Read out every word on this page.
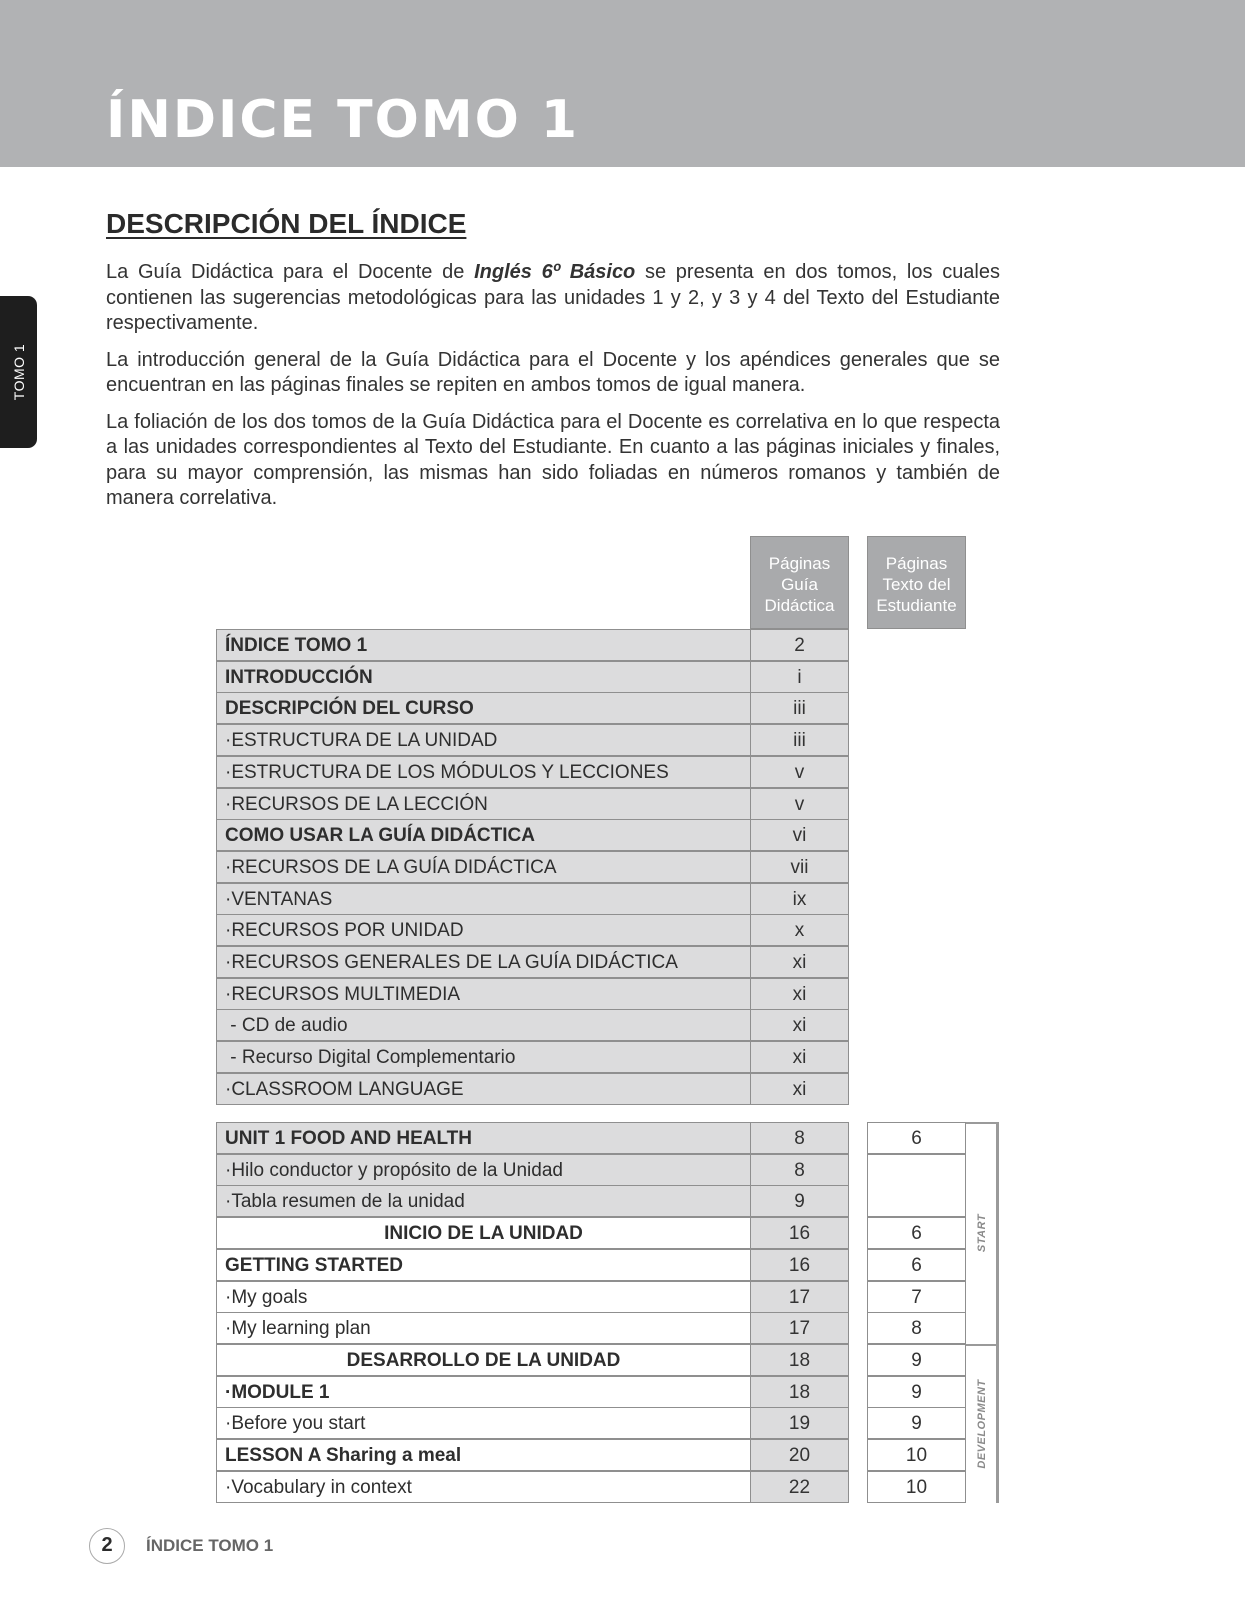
ÍNDICE TOMO 1
TOMO 1
DESCRIPCIÓN DEL ÍNDICE

La Guía Didáctica para el Docente de Inglés 6º Básico se presenta en dos tomos, los cuales contienen las sugerencias metodológicas para las unidades 1 y 2, y 3 y 4 del Texto del Estudiante respectivamente.

La introducción general de la Guía Didáctica para el Docente y los apéndices generales que se encuentran en las páginas finales se repiten en ambos tomos de igual manera.

La foliación de los dos tomos de la Guía Didáctica para el Docente es correlativa en lo que respecta a las unidades correspondientes al Texto del Estudiante. En cuanto a las páginas iniciales y finales, para su mayor comprensión, las mismas han sido foliadas en números romanos y también de manera correlativa.

Páginas
Guía
Didáctica
Páginas
Texto del
Estudiante
ÍNDICE TOMO 1	2
INTRODUCCIÓN	i
DESCRIPCIÓN DEL CURSO	iii
·ESTRUCTURA DE LA UNIDAD	iii
·ESTRUCTURA DE LOS MÓDULOS Y LECCIONES	v
·RECURSOS DE LA LECCIÓN	v
COMO USAR LA GUÍA DIDÁCTICA	vi
·RECURSOS DE LA GUÍA DIDÁCTICA	vii
·VENTANAS	ix
·RECURSOS POR UNIDAD	x
·RECURSOS GENERALES DE LA GUÍA DIDÁCTICA	xi
·RECURSOS MULTIMEDIA	xi
- CD de audio	xi
- Recurso Digital Complementario	xi
·CLASSROOM LANGUAGE	xi
UNIT 1 FOOD AND HEALTH	8	6
·Hilo conductor y propósito de la Unidad	8
·Tabla resumen de la unidad	9
INICIO DE LA UNIDAD	16	6
GETTING STARTED	16	6
·My goals	17	7
·My learning plan	17	8
DESARROLLO DE LA UNIDAD	18	9
·MODULE 1	18	9
·Before you start	19	9
LESSON A Sharing a meal	20	10
·Vocabulary in context	22	10
START
DEVELOPMENT
2	ÍNDICE TOMO 1
